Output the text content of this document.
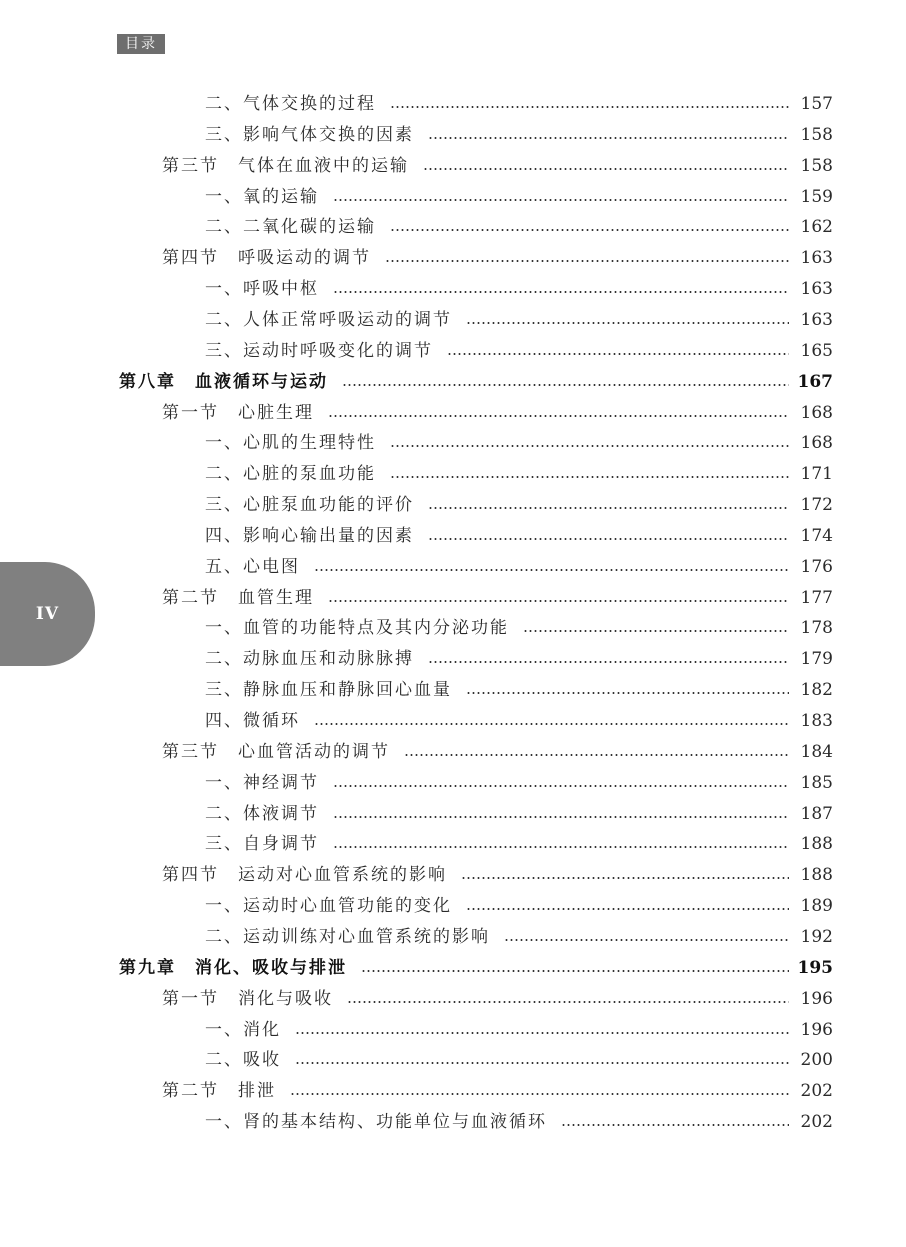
目录
IV
二、气体交换的过程	157
三、影响气体交换的因素	158
第三节　气体在血液中的运输	158
一、氧的运输	159
二、二氧化碳的运输	162
第四节　呼吸运动的调节	163
一、呼吸中枢	163
二、人体正常呼吸运动的调节	163
三、运动时呼吸变化的调节	165
第八章　血液循环与运动	167
第一节　心脏生理	168
一、心肌的生理特性	168
二、心脏的泵血功能	171
三、心脏泵血功能的评价	172
四、影响心输出量的因素	174
五、心电图	176
第二节　血管生理	177
一、血管的功能特点及其内分泌功能	178
二、动脉血压和动脉脉搏	179
三、静脉血压和静脉回心血量	182
四、微循环	183
第三节　心血管活动的调节	184
一、神经调节	185
二、体液调节	187
三、自身调节	188
第四节　运动对心血管系统的影响	188
一、运动时心血管功能的变化	189
二、运动训练对心血管系统的影响	192
第九章　消化、吸收与排泄	195
第一节　消化与吸收	196
一、消化	196
二、吸收	200
第二节　排泄	202
一、肾的基本结构、功能单位与血液循环	202
